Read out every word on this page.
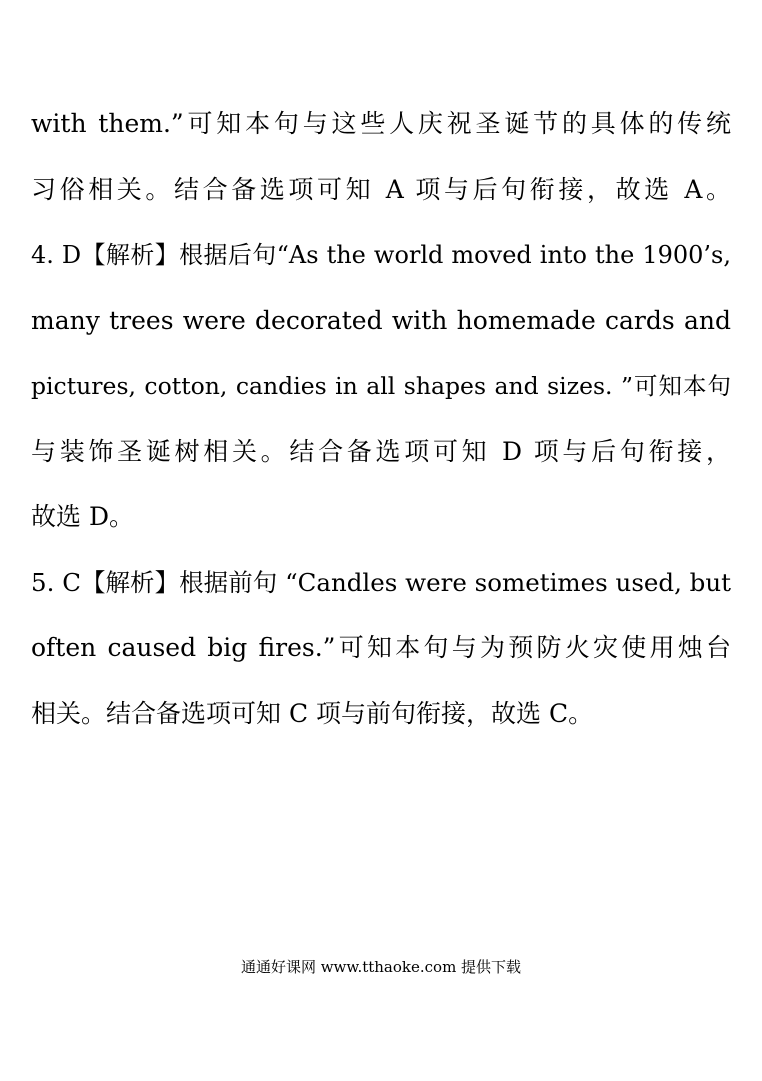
with them.”可知本句与这些人庆祝圣诞节的具体的传统
习俗相关。结合备选项可知 A 项与后句衔接，故选 A。
4. D【解析】根据后句“As the world moved into the 1900’s,
many trees were decorated with homemade cards and
pictures, cotton, candies in all shapes and sizes. ”可知本句
与装饰圣诞树相关。结合备选项可知 D 项与后句衔接，
故选 D。
5. C【解析】根据前句 “Candles were sometimes used, but
often caused big fires.”可知本句与为预防火灾使用烛台
相关。结合备选项可知 C 项与前句衔接，故选 C。
通通好课网 www.tthaoke.com 提供下载
